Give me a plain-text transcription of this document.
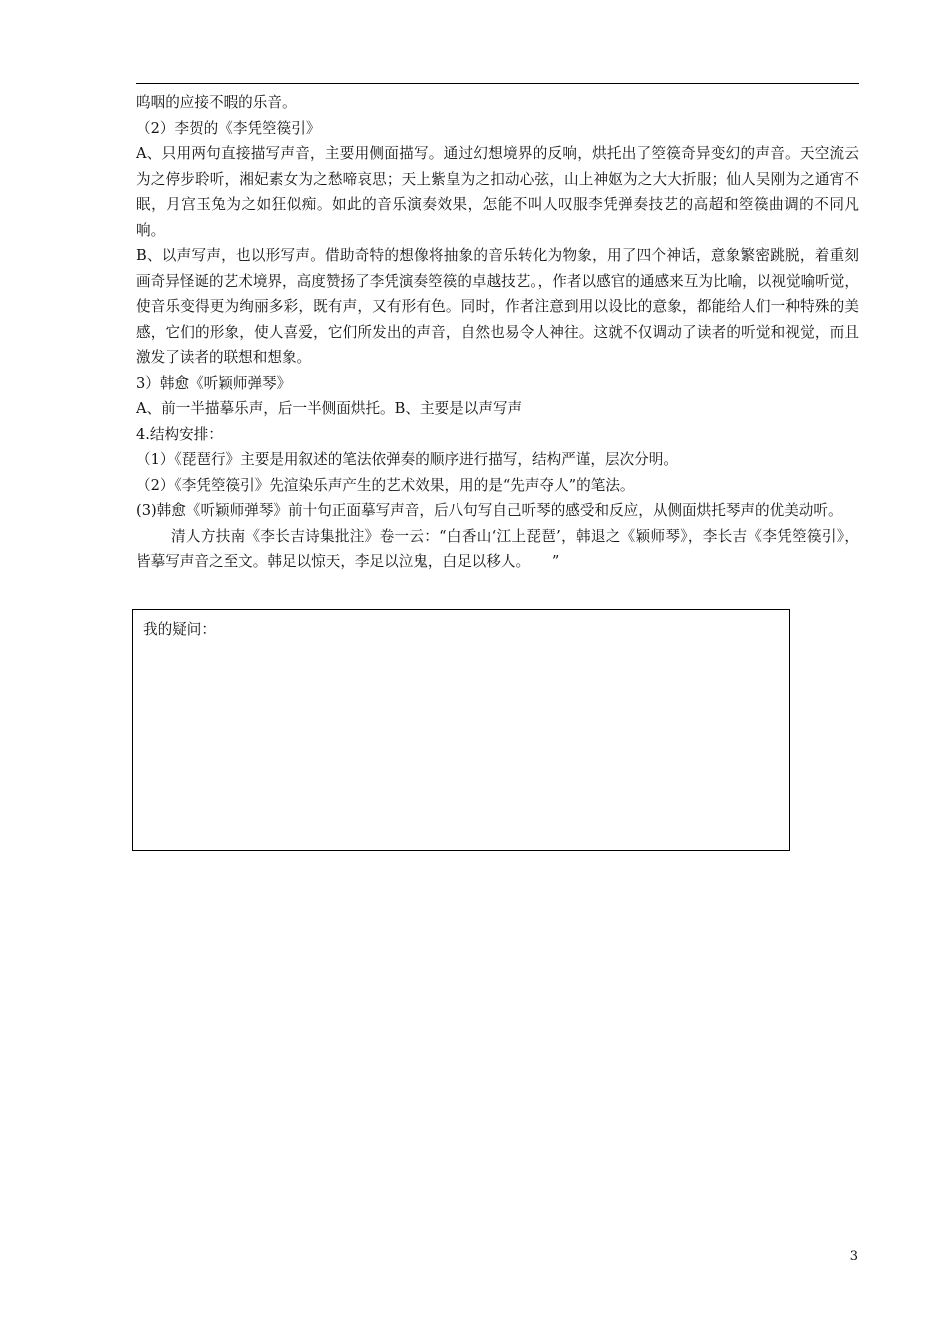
呜咽的应接不暇的乐音。

（2）李贺的《李凭箜篌引》

A、只用两句直接描写声音，主要用侧面描写。通过幻想境界的反响，烘托出了箜篌奇异变幻的声音。天空流云为之停步聆听，湘妃素女为之愁啼哀思；天上紫皇为之扣动心弦，山上神妪为之大大折服；仙人吴刚为之通宵不眠，月宫玉兔为之如狂似痴。如此的音乐演奏效果，怎能不叫人叹服李凭弹奏技艺的高超和箜篌曲调的不同凡响。

B、以声写声，也以形写声。借助奇特的想像将抽象的音乐转化为物象，用了四个神话，意象繁密跳脱，着重刻画奇异怪诞的艺术境界，高度赞扬了李凭演奏箜篌的卓越技艺。，作者以感官的通感来互为比喻，以视觉喻听觉，使音乐变得更为绚丽多彩，既有声，又有形有色。同时，作者注意到用以设比的意象，都能给人们一种特殊的美感，它们的形象，使人喜爱，它们所发出的声音，自然也易令人神往。这就不仅调动了读者的听觉和视觉，而且激发了读者的联想和想象。

3）韩愈《听颖师弹琴》

A、前一半描摹乐声，后一半侧面烘托。B、主要是以声写声

4.结构安排：

（1）《琵琶行》主要是用叙述的笔法依弹奏的顺序进行描写，结构严谨，层次分明。

（2）《李凭箜篌引》先渲染乐声产生的艺术效果，用的是“先声夺人”的笔法。

(3)韩愈《听颖师弹琴》前十句正面摹写声音，后八句写自己听琴的感受和反应，从侧面烘托琴声的优美动听。

清人方扶南《李长吉诗集批注》卷一云：“白香山‘江上琵琶’，韩退之《颖师琴》，李长吉《李凭箜篌引》，皆摹写声音之至文。韩足以惊天，李足以泣鬼，白足以移人。　　”

我的疑问：
3
